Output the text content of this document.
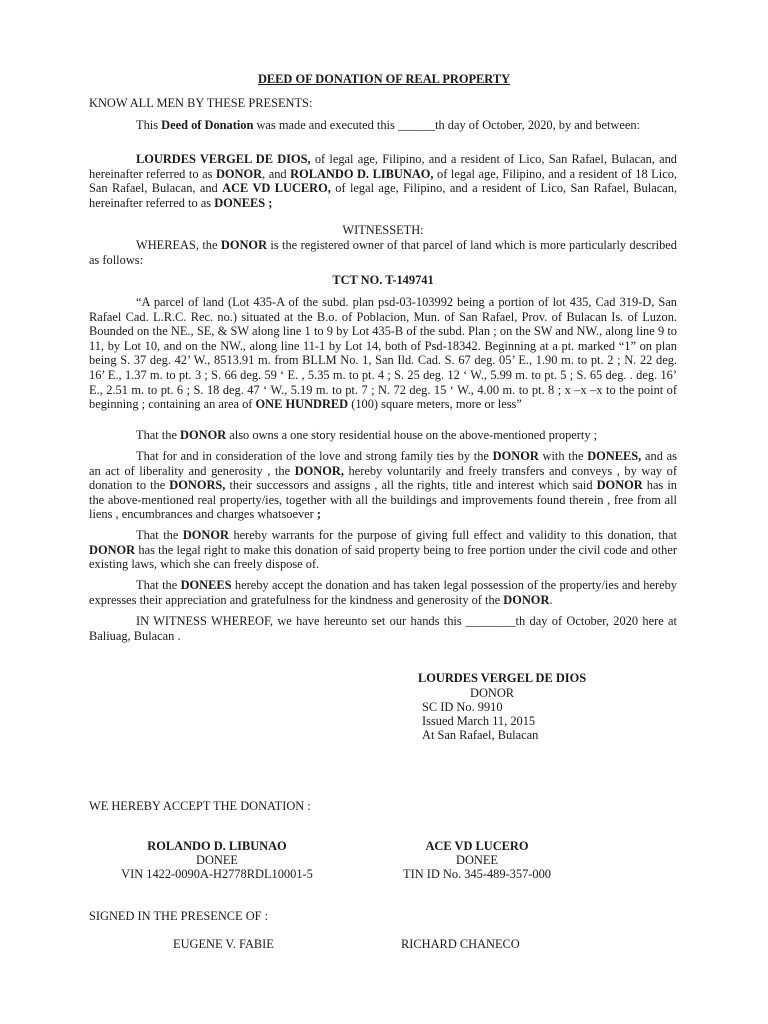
DEED OF DONATION OF REAL PROPERTY

KNOW ALL MEN BY THESE PRESENTS:

This Deed of Donation was made and executed this ______th day of October, 2020, by and between:

LOURDES VERGEL DE DIOS, of legal age, Filipino, and a resident of Lico, San Rafael, Bulacan, and hereinafter referred to as DONOR, and ROLANDO D. LIBUNAO, of legal age, Filipino, and a resident of 18 Lico, San Rafael, Bulacan, and ACE VD LUCERO, of legal age, Filipino, and a resident of Lico, San Rafael, Bulacan, hereinafter referred to as DONEES ;

WITNESSETH:

WHEREAS, the DONOR is the registered owner of that parcel of land which is more particularly described as follows:

TCT NO. T-149741

“A parcel of land (Lot 435-A of the subd. plan psd-03-103992 being a portion of lot 435, Cad 319-D, San Rafael Cad. L.R.C. Rec. no.) situated at the B.o. of Poblacion, Mun. of San Rafael, Prov. of Bulacan Is. of Luzon. Bounded on the NE., SE, & SW along line 1 to 9 by Lot 435-B of the subd. Plan ; on the SW and NW., along line 9 to 11, by Lot 10, and on the NW., along line 11-1 by Lot 14, both of Psd-18342. Beginning at a pt. marked “1” on plan being S. 37 deg. 42’ W., 8513.91 m. from BLLM No. 1, San Ild. Cad. S. 67 deg. 05’ E., 1.90 m. to pt. 2 ; N. 22 deg. 16’ E., 1.37 m. to pt. 3 ; S. 66 deg. 59 ‘ E. , 5.35 m. to pt. 4 ; S. 25 deg. 12 ‘ W., 5.99 m. to pt. 5 ; S. 65 deg. . deg. 16’ E., 2.51 m. to pt. 6 ; S. 18 deg. 47 ‘ W., 5.19 m. to pt. 7 ; N. 72 deg. 15 ‘ W., 4.00 m. to pt. 8 ; x –x –x to the point of beginning ; containing an area of ONE HUNDRED (100) square meters, more or less”

That the DONOR also owns a one story residential house on the above-mentioned property ;

That for and in consideration of the love and strong family ties by the DONOR with the DONEES, and as an act of liberality and generosity , the DONOR, hereby voluntarily and freely transfers and conveys , by way of donation to the DONORS, their successors and assigns , all the rights, title and interest which said DONOR has in the above-mentioned real property/ies, together with all the buildings and improvements found therein , free from all liens , encumbrances and charges whatsoever ;

That the DONOR hereby warrants for the purpose of giving full effect and validity to this donation, that DONOR has the legal right to make this donation of said property being to free portion under the civil code and other existing laws, which she can freely dispose of.

That the DONEES hereby accept the donation and has taken legal possession of the property/ies and hereby expresses their appreciation and gratefulness for the kindness and generosity of the DONOR.

IN WITNESS WHEREOF, we have hereunto set our hands this ________th day of October, 2020 here at Baliuag, Bulacan .

LOURDES VERGEL DE DIOS
DONOR
SC ID No. 9910
Issued March 11, 2015
At San Rafael, Bulacan
WE HEREBY ACCEPT THE DONATION :
ROLANDO D. LIBUNAO
DONEE
VIN 1422-0090A-H2778RDL10001-5
ACE VD LUCERO
DONEE
TIN ID No. 345-489-357-000
SIGNED IN THE PRESENCE OF :
EUGENE V. FABIE	RICHARD CHANECO
